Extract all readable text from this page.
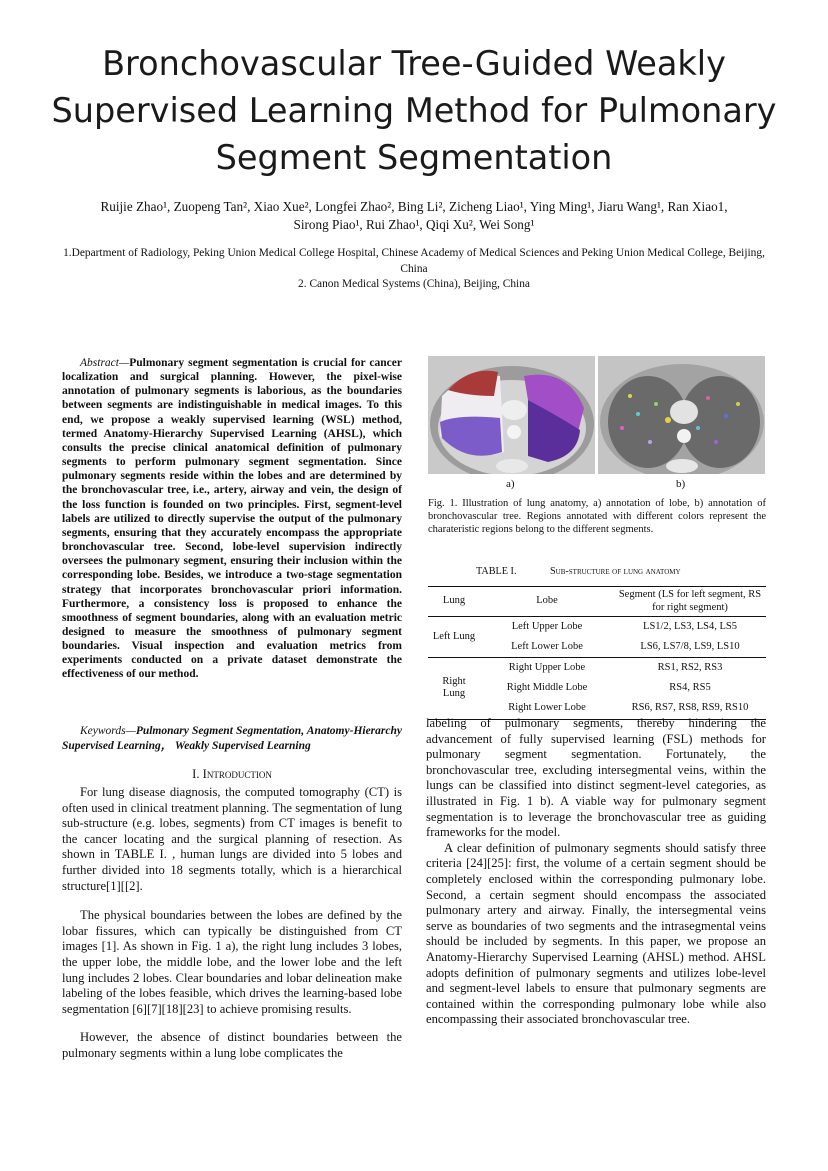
Bronchovascular Tree-Guided Weakly Supervised Learning Method for Pulmonary Segment Segmentation
Ruijie Zhao¹, Zuopeng Tan², Xiao Xue², Longfei Zhao², Bing Li², Zicheng Liao¹, Ying Ming¹, Jiaru Wang¹, Ran Xiao1,
Sirong Piao¹, Rui Zhao¹, Qiqi Xu², Wei Song¹

1.Department of Radiology, Peking Union Medical College Hospital, Chinese Academy of Medical Sciences and Peking Union Medical College, Beijing, China

2. Canon Medical Systems (China), Beijing, China

Abstract—Pulmonary segment segmentation is crucial for cancer localization and surgical planning. However, the pixel-wise annotation of pulmonary segments is laborious, as the boundaries between segments are indistinguishable in medical images. To this end, we propose a weakly supervised learning (WSL) method, termed Anatomy-Hierarchy Supervised Learning (AHSL), which consults the precise clinical anatomical definition of pulmonary segments to perform pulmonary segment segmentation. Since pulmonary segments reside within the lobes and are determined by the bronchovascular tree, i.e., artery, airway and vein, the design of the loss function is founded on two principles. First, segment-level labels are utilized to directly supervise the output of the pulmonary segments, ensuring that they accurately encompass the appropriate bronchovascular tree. Second, lobe-level supervision indirectly oversees the pulmonary segment, ensuring their inclusion within the corresponding lobe. Besides, we introduce a two-stage segmentation strategy that incorporates bronchovascular priori information. Furthermore, a consistency loss is proposed to enhance the smoothness of segment boundaries, along with an evaluation metric designed to measure the smoothness of pulmonary segment boundaries. Visual inspection and evaluation metrics from experiments conducted on a private dataset demonstrate the effectiveness of our method.

Keywords—Pulmonary Segment Segmentation, Anatomy-Hierarchy Supervised Learning， Weakly Supervised Learning

I. Introduction

For lung disease diagnosis, the computed tomography (CT) is often used in clinical treatment planning. The segmentation of lung sub-structure (e.g. lobes, segments) from CT images is benefit to the cancer locating and the surgical planning of resection. As shown in TABLE I. , human lungs are divided into 5 lobes and further divided into 18 segments totally, which is a hierarchical structure[1][[2].

The physical boundaries between the lobes are defined by the lobar fissures, which can typically be distinguished from CT images [1]. As shown in Fig. 1 a), the right lung includes 3 lobes, the upper lobe, the middle lobe, and the lower lobe and the left lung includes 2 lobes. Clear boundaries and lobar delineation make labeling of the lobes feasible, which drives the learning-based lobe segmentation [6][7][18][23] to achieve promising results.

However, the absence of distinct boundaries between the pulmonary segments within a lung lobe complicates the

a)	b)
Fig. 1. Illustration of lung anatomy, a) annotation of lobe, b) annotation of bronchovascular tree. Regions annotated with different colors represent the charateristic regions belong to the different segments.
TABLE I.	Sub-structure of lung anatomy
Lung	Lobe	Segment (LS for left segment, RS for right segment)
Left Lung	Left Upper Lobe	LS1/2, LS3, LS4, LS5
	Left Lower Lobe	LS6, LS7/8, LS9, LS10
Right Lung	Right Upper Lobe	RS1, RS2, RS3
	Right Middle Lobe	RS4, RS5
	Right Lower Lobe	RS6, RS7, RS8, RS9, RS10

labeling of pulmonary segments, thereby hindering the advancement of fully supervised learning (FSL) methods for pulmonary segment segmentation. Fortunately, the bronchovascular tree, excluding intersegmental veins, within the lungs can be classified into distinct segment-level categories, as illustrated in Fig. 1 b). A viable way for pulmonary segment segmentation is to leverage the bronchovascular tree as guiding frameworks for the model.

A clear definition of pulmonary segments should satisfy three criteria [24][25]: first, the volume of a certain segment should be completely enclosed within the corresponding pulmonary lobe. Second, a certain segment should encompass the associated pulmonary artery and airway. Finally, the intersegmental veins serve as boundaries of two segments and the intrasegmental veins should be included by segments. In this paper, we propose an Anatomy-Hierarchy Supervised Learning (AHSL) method. AHSL adopts definition of pulmonary segments and utilizes lobe-level and segment-level labels to ensure that pulmonary segments are contained within the corresponding pulmonary lobe while also encompassing their associated bronchovascular tree.
